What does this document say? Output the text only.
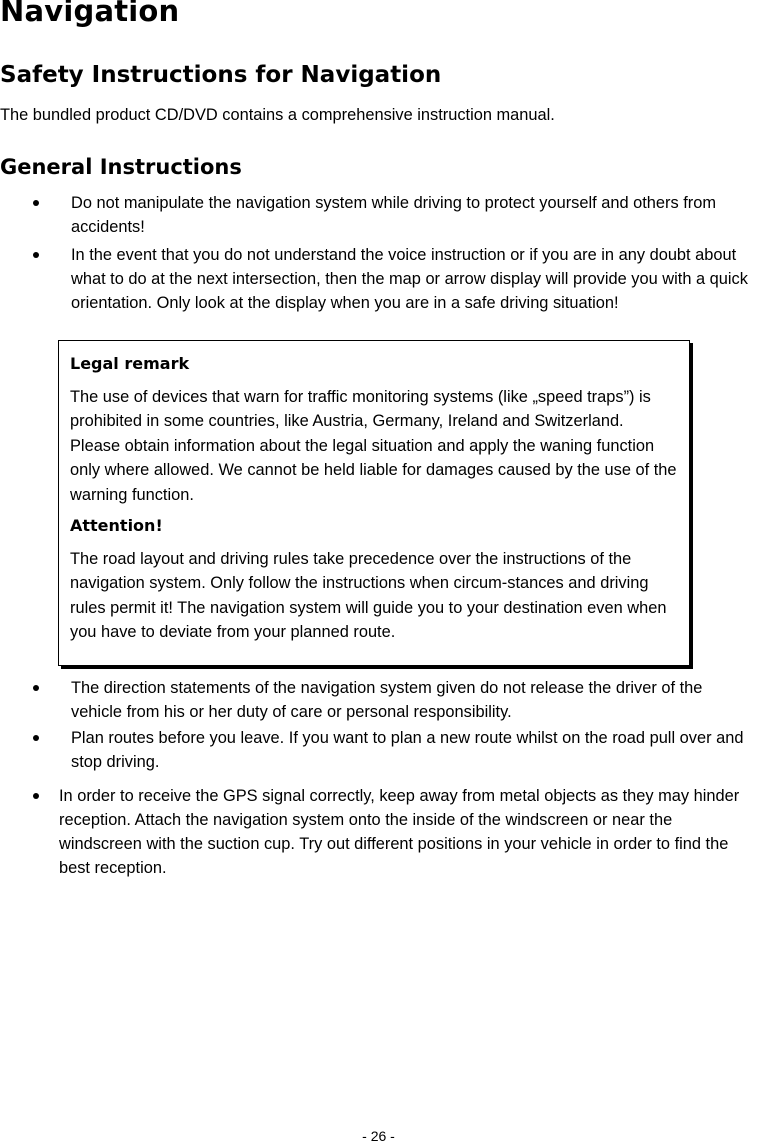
Navigation
Safety Instructions for Navigation

The bundled product CD/DVD contains a comprehensive instruction manual.

General Instructions
Do not manipulate the navigation system while driving to protect yourself and others from accidents!
In the event that you do not understand the voice instruction or if you are in any doubt about what to do at the next intersection, then the map or arrow display will provide you with a quick orientation. Only look at the display when you are in a safe driving situation!

Legal remark

The use of devices that warn for traffic monitoring systems (like „speed traps”) is prohibited in some countries, like Austria, Germany, Ireland and Switzerland. Please obtain information about the legal situation and apply the waning function only where allowed. We cannot be held liable for damages caused by the use of the warning function.

Attention!

The road layout and driving rules take precedence over the instructions of the navigation system. Only follow the instructions when circum-stances and driving rules permit it! The navigation system will guide you to your destination even when you have to deviate from your planned route.

The direction statements of the navigation system given do not release the driver of the vehicle from his or her duty of care or personal responsibility.
Plan routes before you leave. If you want to plan a new route whilst on the road pull over and stop driving.
In order to receive the GPS signal correctly, keep away from metal objects as they may hinder reception. Attach the navigation system onto the inside of the windscreen or near the windscreen with the suction cup. Try out different positions in your vehicle in order to find the best reception.
- 26 -
